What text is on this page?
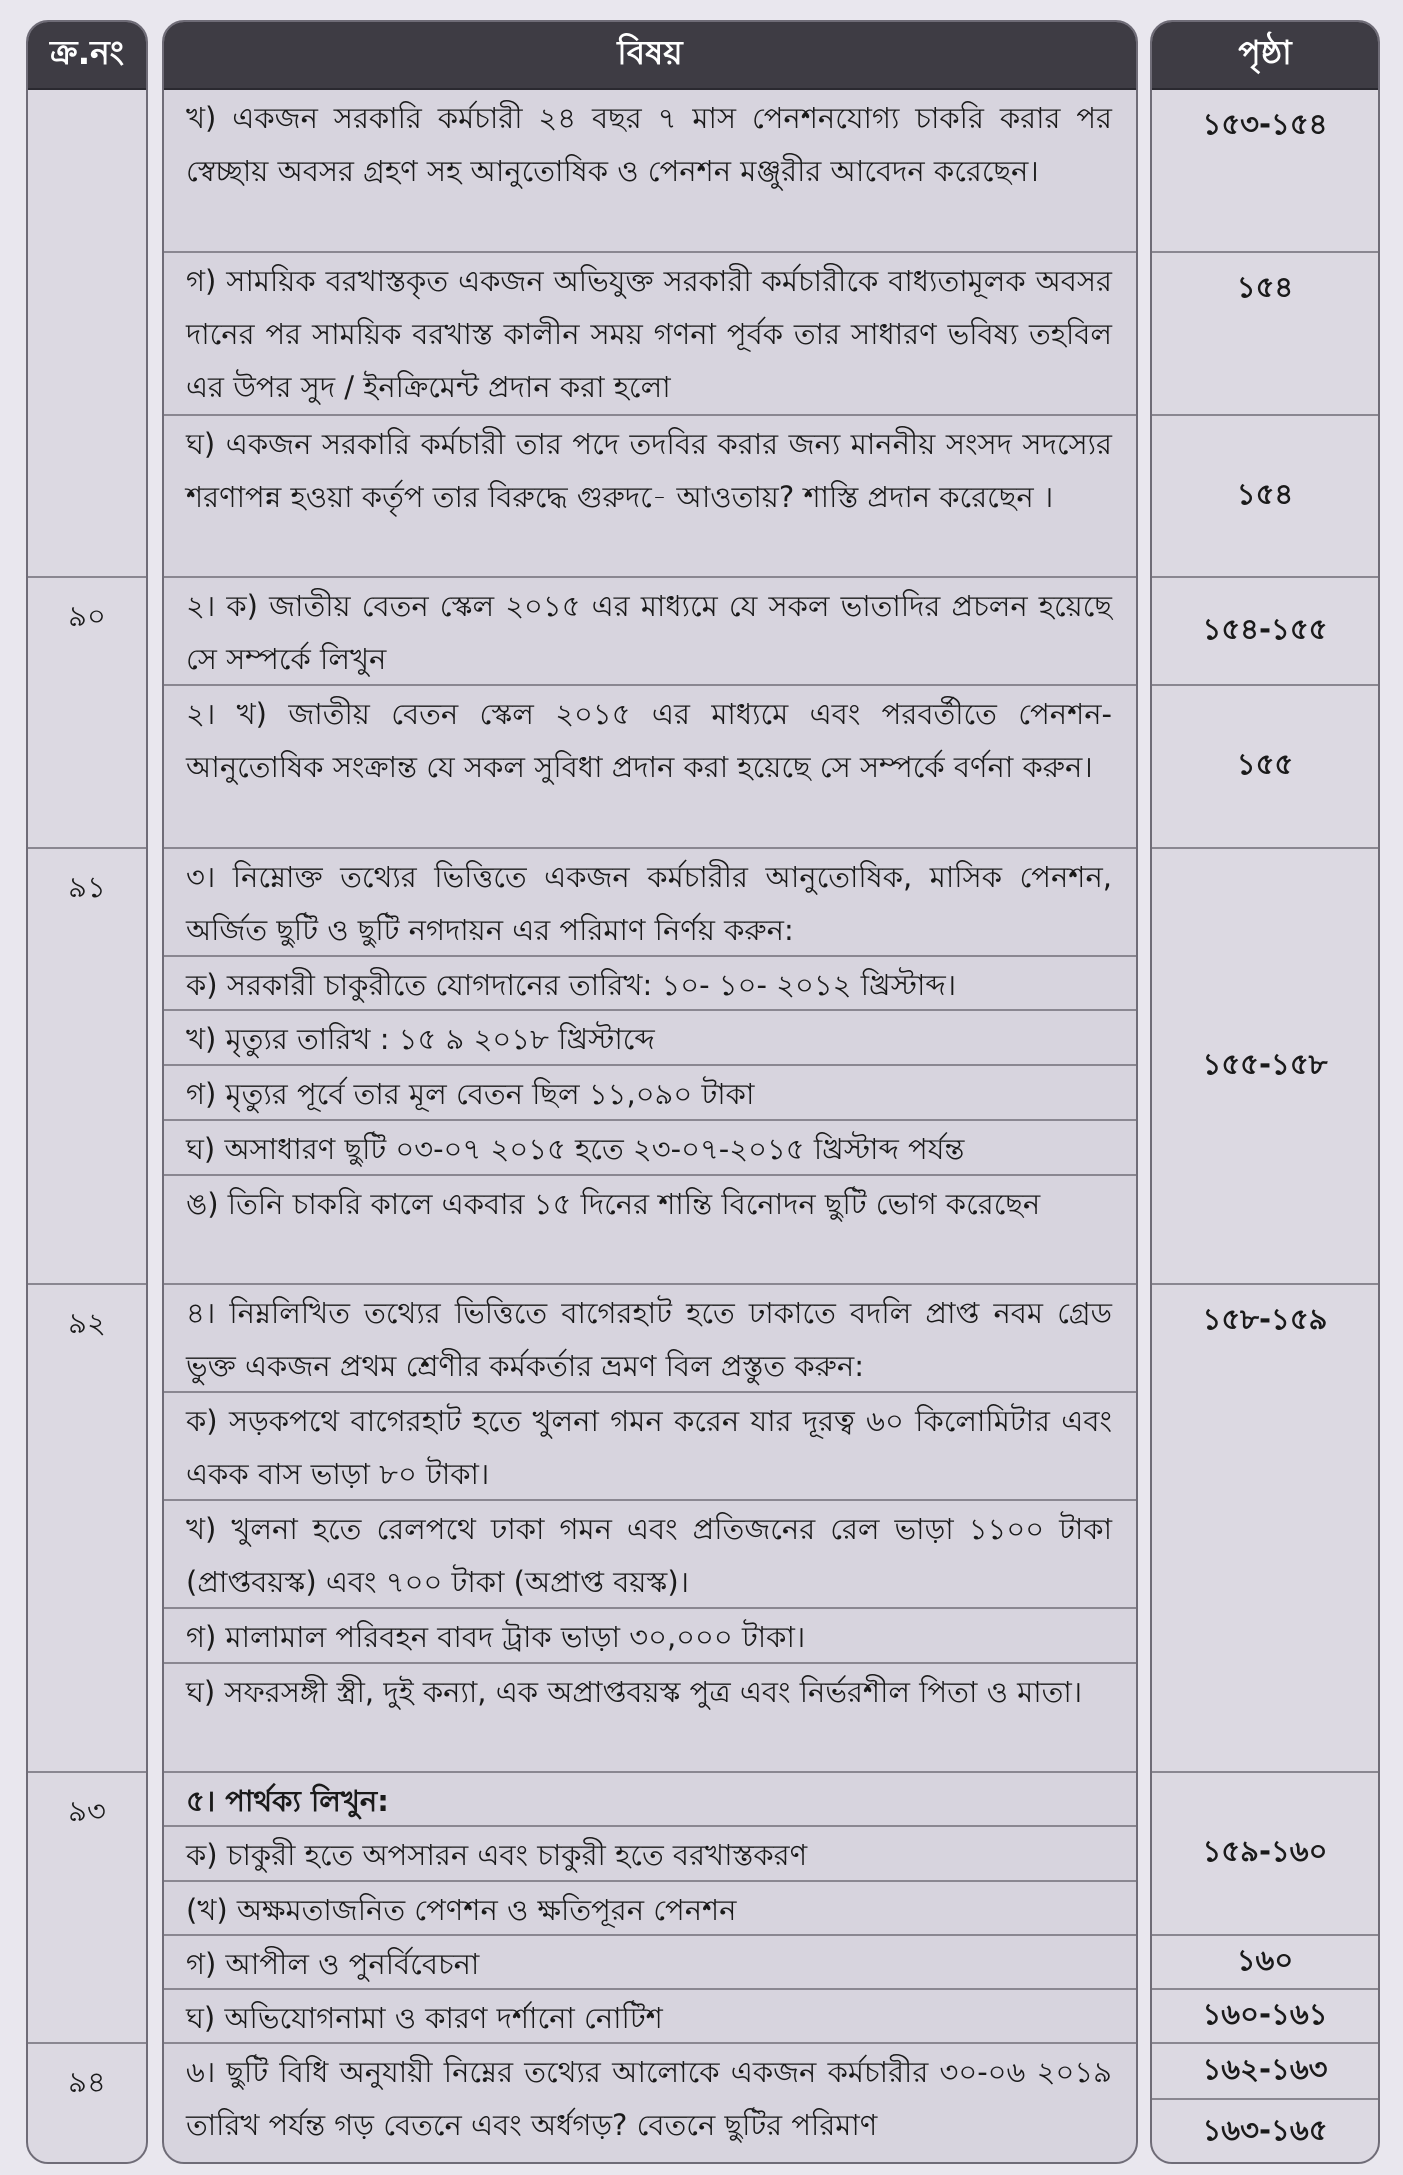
ক্র.নং
৯০
৯১
৯২
৯৩
৯৪
বিষয়
খ) একজন সরকারি কর্মচারী ২৪ বছর ৭ মাস পেনশনযোগ্য চাকরি করার পর স্বেচ্ছায় অবসর গ্রহণ সহ আনুতোষিক ও পেনশন মঞ্জুরীর আবেদন করেছেন।
গ) সাময়িক বরখাস্তকৃত একজন অভিযুক্ত সরকারী কর্মচারীকে বাধ্যতামূলক অবসর দানের পর সাময়িক বরখাস্ত কালীন সময় গণনা পূর্বক তার সাধারণ ভবিষ্য তহবিল এর উপর সুদ / ইনক্রিমেন্ট প্রদান করা হলো
ঘ) একজন সরকারি কর্মচারী তার পদে তদবির করার জন্য মাননীয় সংসদ সদস্যের শরণাপন্ন হওয়া কর্তৃপ তার বিরুদ্ধে গুরুদ-ে আওতায়? শাস্তি প্রদান করেছেন ।
২। ক) জাতীয় বেতন স্কেল ২০১৫ এর মাধ্যমে যে সকল ভাতাদির প্রচলন হয়েছে সে সম্পর্কে লিখুন
২। খ) জাতীয় বেতন স্কেল ২০১৫ এর মাধ্যমে এবং পরবর্তীতে পেনশন-আনুতোষিক সংক্রান্ত যে সকল সুবিধা প্রদান করা হয়েছে সে সম্পর্কে বর্ণনা করুন।
৩। নিম্নোক্ত তথ্যের ভিত্তিতে একজন কর্মচারীর আনুতোষিক, মাসিক পেনশন, অর্জিত ছুটি ও ছুটি নগদায়ন এর পরিমাণ নির্ণয় করুন:
ক) সরকারী চাকুরীতে যোগদানের তারিখ: ১০- ১০- ২০১২ খ্রিস্টাব্দ।
খ) মৃত্যুর তারিখ : ১৫ ৯ ২০১৮ খ্রিস্টাব্দে
গ) মৃত্যুর পূর্বে তার মূল বেতন ছিল ১১,০৯০ টাকা
ঘ) অসাধারণ ছুটি ০৩-০৭ ২০১৫ হতে ২৩-০৭-২০১৫ খ্রিস্টাব্দ পর্যন্ত
ঙ) তিনি চাকরি কালে একবার ১৫ দিনের শান্তি বিনোদন ছুটি ভোগ করেছেন
৪। নিম্নলিখিত তথ্যের ভিত্তিতে বাগেরহাট হতে ঢাকাতে বদলি প্রাপ্ত নবম গ্রেড ভুক্ত একজন প্রথম শ্রেণীর কর্মকর্তার ভ্রমণ বিল প্রস্তুত করুন:
ক) সড়কপথে বাগেরহাট হতে খুলনা গমন করেন যার দূরত্ব ৬০ কিলোমিটার এবং একক বাস ভাড়া ৮০ টাকা।
খ) খুলনা হতে রেলপথে ঢাকা গমন এবং প্রতিজনের রেল ভাড়া ১১০০ টাকা (প্রাপ্তবয়স্ক) এবং ৭০০ টাকা (অপ্রাপ্ত বয়স্ক)।
গ) মালামাল পরিবহন বাবদ ট্রাক ভাড়া ৩০,০০০ টাকা।
ঘ) সফরসঙ্গী স্ত্রী, দুই কন্যা, এক অপ্রাপ্তবয়স্ক পুত্র এবং নির্ভরশীল পিতা ও মাতা।
৫। পার্থক্য লিখুন:
ক) চাকুরী হতে অপসারন এবং চাকুরী হতে বরখাস্তকরণ
(খ) অক্ষমতাজনিত পেণশন ও ক্ষতিপূরন পেনশন
গ) আপীল ও পুনর্বিবেচনা
ঘ) অভিযোগনামা ও কারণ দর্শানো নোটিশ
৬। ছুটি বিধি অনুযায়ী নিম্নের তথ্যের আলোকে একজন কর্মচারীর ৩০-০৬ ২০১৯ তারিখ পর্যন্ত গড় বেতনে এবং অর্ধগড়? বেতনে ছুটির পরিমাণ
পৃষ্ঠা
১৫৩-১৫৪
১৫৪
১৫৪
১৫৪-১৫৫
১৫৫
১৫৫-১৫৮
১৫৮-১৫৯
১৫৯-১৬০
১৬০
১৬০-১৬১
১৬২-১৬৩
১৬৩-১৬৫
